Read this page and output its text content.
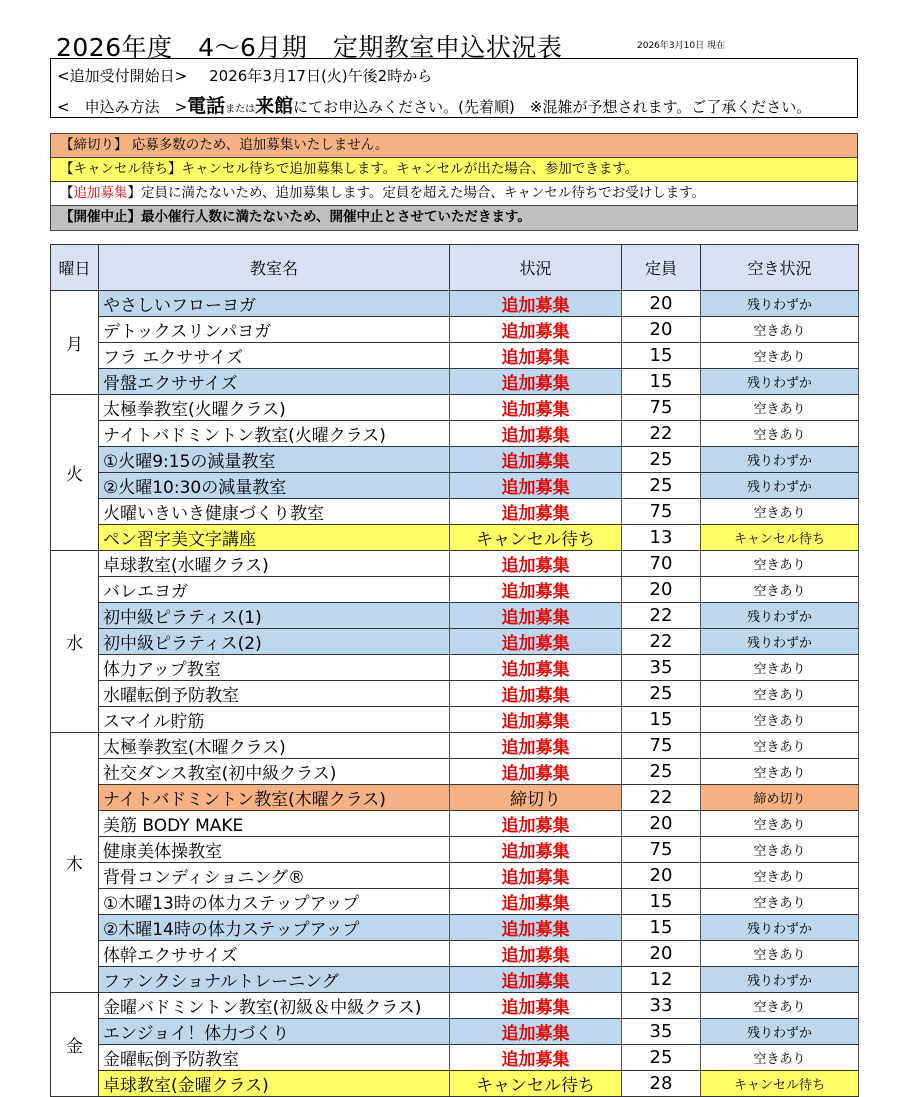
2026年度　4～6月期　定期教室申込状況表	2026年3月10日 現在
<追加受付開始日> 2026年3月17日(火)午後2時から
<　申込み方法　>電話または来館にてお申込みください。(先着順)　※混雑が予想されます。ご了承ください。
【締切り】 応募多数のため、追加募集いたしません。
【キャンセル待ち】キャンセル待ちで追加募集します。キャンセルが出た場合、参加できます。
【追加募集】定員に満たないため、追加募集します。定員を超えた場合、キャンセル待ちでお受けします。
【開催中止】最小催行人数に満たないため、開催中止とさせていただきます。
曜日	教室名	状況	定員	空き状況
月	やさしいフローヨガ	追加募集	20	残りわずか
	デトックスリンパヨガ	追加募集	20	空きあり
	フラ エクササイズ	追加募集	15	空きあり
	骨盤エクササイズ	追加募集	15	残りわずか
火	太極拳教室(火曜クラス)	追加募集	75	空きあり
	ナイトバドミントン教室(火曜クラス)	追加募集	22	空きあり
	①火曜9:15の減量教室	追加募集	25	残りわずか
	②火曜10:30の減量教室	追加募集	25	残りわずか
	火曜いきいき健康づくり教室	追加募集	75	空きあり
	ペン習字美文字講座	キャンセル待ち	13	キャンセル待ち
水	卓球教室(水曜クラス)	追加募集	70	空きあり
	バレエヨガ	追加募集	20	空きあり
	初中級ピラティス(1)	追加募集	22	残りわずか
	初中級ピラティス(2)	追加募集	22	残りわずか
	体力アップ教室	追加募集	35	空きあり
	水曜転倒予防教室	追加募集	25	空きあり
	スマイル貯筋	追加募集	15	空きあり
木	太極拳教室(木曜クラス)	追加募集	75	空きあり
	社交ダンス教室(初中級クラス)	追加募集	25	空きあり
	ナイトバドミントン教室(木曜クラス)	締切り	22	締め切り
	美筋 BODY MAKE	追加募集	20	空きあり
	健康美体操教室	追加募集	75	空きあり
	背骨コンディショニング®	追加募集	20	空きあり
	①木曜13時の体力ステップアップ	追加募集	15	空きあり
	②木曜14時の体力ステップアップ	追加募集	15	残りわずか
	体幹エクササイズ	追加募集	20	空きあり
	ファンクショナルトレーニング	追加募集	12	残りわずか
金	金曜バドミントン教室(初級＆中級クラス)	追加募集	33	空きあり
	エンジョイ！体力づくり	追加募集	35	残りわずか
	金曜転倒予防教室	追加募集	25	空きあり
	卓球教室(金曜クラス)	キャンセル待ち	28	キャンセル待ち
